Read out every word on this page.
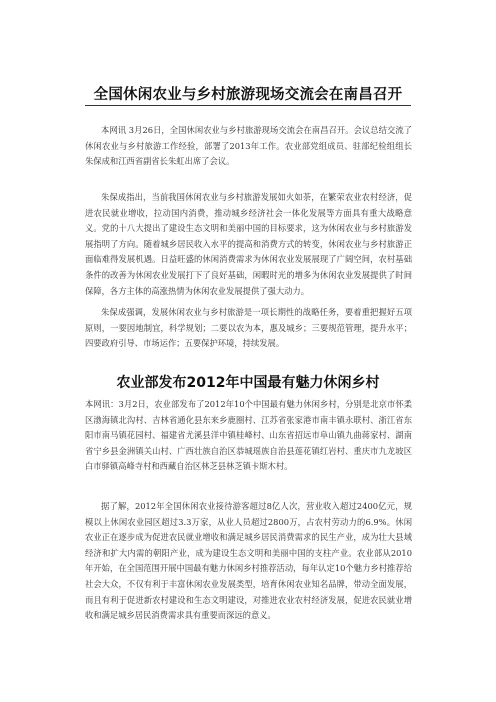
全国休闲农业与乡村旅游现场交流会在南昌召开

本网讯 3月26日，全国休闲农业与乡村旅游现场交流会在南昌召开。会议总结交流了休闲农业与乡村旅游工作经验，部署了2013年工作。农业部党组成员、驻部纪检组组长朱保成和江西省副省长朱虹出席了会议。

朱保成指出，当前我国休闲农业与乡村旅游发展如火如荼，在繁荣农业农村经济，促进农民就业增收，拉动国内消费，推动城乡经济社会一体化发展等方面具有重大战略意义。党的十八大提出了建设生态文明和美丽中国的目标要求，这为休闲农业与乡村旅游发展指明了方向。随着城乡居民收入水平的提高和消费方式的转变，休闲农业与乡村旅游正面临难得发展机遇。日益旺盛的休闲消费需求为休闲农业发展展现了广阔空间，农村基础条件的改善为休闲农业发展打下了良好基础，闲暇时光的增多为休闲农业发展提供了时间保障，各方主体的高涨热情为休闲农业发展提供了强大动力。

朱保成强调，发展休闲农业与乡村旅游是一项长期性的战略任务，要着重把握好五项原则，一要因地制宜，科学规划；二要以农为本，惠及城乡；三要规范管理，提升水平；四要政府引导、市场运作；五要保护环境，持续发展。

农业部发布2012年中国最有魅力休闲乡村

本网讯：3月2日，农业部发布了2012年10个中国最有魅力休闲乡村，分别是北京市怀柔区渤海镇北沟村、吉林省通化县东来乡鹿圈村、江苏省张家港市南丰镇永联村、浙江省东阳市南马镇花园村、福建省尤溪县洋中镇桂峰村、山东省招远市阜山镇九曲蒋家村、湖南省宁乡县金洲镇关山村、广西壮族自治区恭城瑶族自治县莲花镇红岩村、重庆市九龙坡区白市驿镇高峰寺村和西藏自治区林芝县林芝镇卡斯木村。

据了解，2012年全国休闲农业接待游客超过8亿人次，营业收入超过2400亿元，规模以上休闲农业园区超过3.3万家，从业人员超过2800万，占农村劳动力的6.9%。休闲农业正在逐步成为促进农民就业增收和满足城乡居民消费需求的民生产业，成为壮大县域经济和扩大内需的朝阳产业，成为建设生态文明和美丽中国的支柱产业。农业部从2010年开始，在全国范围开展中国最有魅力休闲乡村推荐活动，每年认定10个魅力乡村推荐给社会大众，不仅有利于丰富休闲农业发展类型，培育休闲农业知名品牌，带动全面发展，而且有利于促进新农村建设和生态文明建设，对推进农业农村经济发展，促进农民就业增收和满足城乡居民消费需求具有重要而深远的意义。
